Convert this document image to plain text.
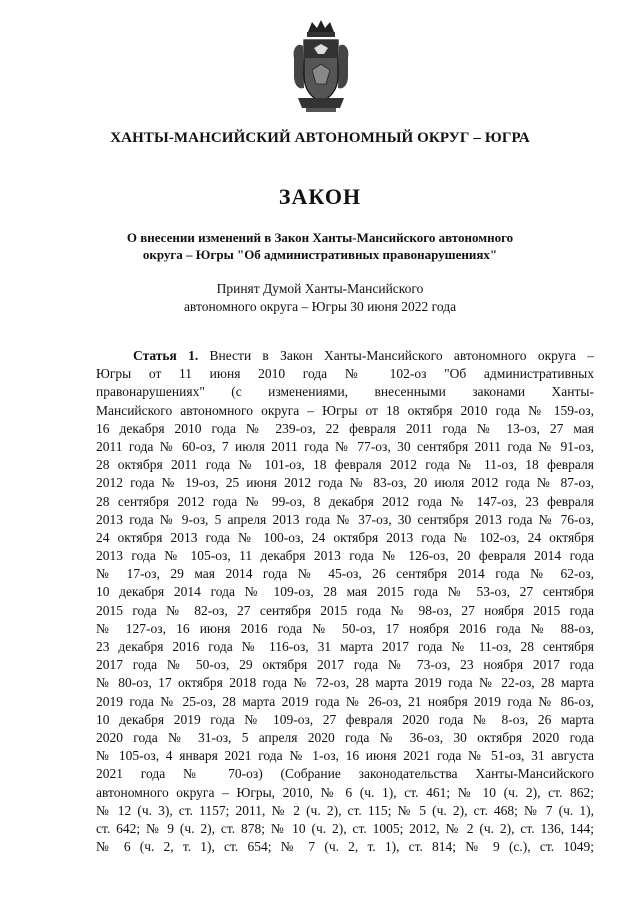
ХАНТЫ-МАНСИЙСКИЙ АВТОНОМНЫЙ ОКРУГ – ЮГРА
ЗАКОН
О внесении изменений в Закон Ханты-Мансийского автономного
округа – Югры "Об административных правонарушениях"
Принят Думой Ханты-Мансийского
автономного округа – Югры 30 июня 2022 года
Статья 1. Внести в Закон Ханты-Мансийского автономного округа –
Югры от 11 июня 2010 года № 102-оз "Об административных
правонарушениях" (с изменениями, внесенными законами Ханты-
Мансийского автономного округа – Югры от 18 октября 2010 года № 159-оз,
16 декабря 2010 года № 239-оз, 22 февраля 2011 года № 13-оз, 27 мая
2011 года № 60-оз, 7 июля 2011 года № 77-оз, 30 сентября 2011 года № 91-оз,
28 октября 2011 года № 101-оз, 18 февраля 2012 года № 11-оз, 18 февраля
2012 года № 19-оз, 25 июня 2012 года № 83-оз, 20 июля 2012 года № 87-оз,
28 сентября 2012 года № 99-оз, 8 декабря 2012 года № 147-оз, 23 февраля
2013 года № 9-оз, 5 апреля 2013 года № 37-оз, 30 сентября 2013 года № 76-оз,
24 октября 2013 года № 100-оз, 24 октября 2013 года № 102-оз, 24 октября
2013 года № 105-оз, 11 декабря 2013 года № 126-оз, 20 февраля 2014 года
№ 17-оз, 29 мая 2014 года № 45-оз, 26 сентября 2014 года № 62-оз,
10 декабря 2014 года № 109-оз, 28 мая 2015 года № 53-оз, 27 сентября
2015 года № 82-оз, 27 сентября 2015 года № 98-оз, 27 ноября 2015 года
№ 127-оз, 16 июня 2016 года № 50-оз, 17 ноября 2016 года № 88-оз,
23 декабря 2016 года № 116-оз, 31 марта 2017 года № 11-оз, 28 сентября
2017 года № 50-оз, 29 октября 2017 года № 73-оз, 23 ноября 2017 года
№ 80-оз, 17 октября 2018 года № 72-оз, 28 марта 2019 года № 22-оз, 28 марта
2019 года № 25-оз, 28 марта 2019 года № 26-оз, 21 ноября 2019 года № 86-оз,
10 декабря 2019 года № 109-оз, 27 февраля 2020 года № 8-оз, 26 марта
2020 года № 31-оз, 5 апреля 2020 года № 36-оз, 30 октября 2020 года
№ 105-оз, 4 января 2021 года № 1-оз, 16 июня 2021 года № 51-оз, 31 августа
2021 года № 70-оз) (Собрание законодательства Ханты-Мансийского
автономного округа – Югры, 2010, № 6 (ч. 1), ст. 461; № 10 (ч. 2), ст. 862;
№ 12 (ч. 3), ст. 1157; 2011, № 2 (ч. 2), ст. 115; № 5 (ч. 2), ст. 468; № 7 (ч. 1),
ст. 642; № 9 (ч. 2), ст. 878; № 10 (ч. 2), ст. 1005; 2012, № 2 (ч. 2), ст. 136, 144;
№ 6 (ч. 2, т. 1), ст. 654; № 7 (ч. 2, т. 1), ст. 814; № 9 (с.), ст. 1049;
